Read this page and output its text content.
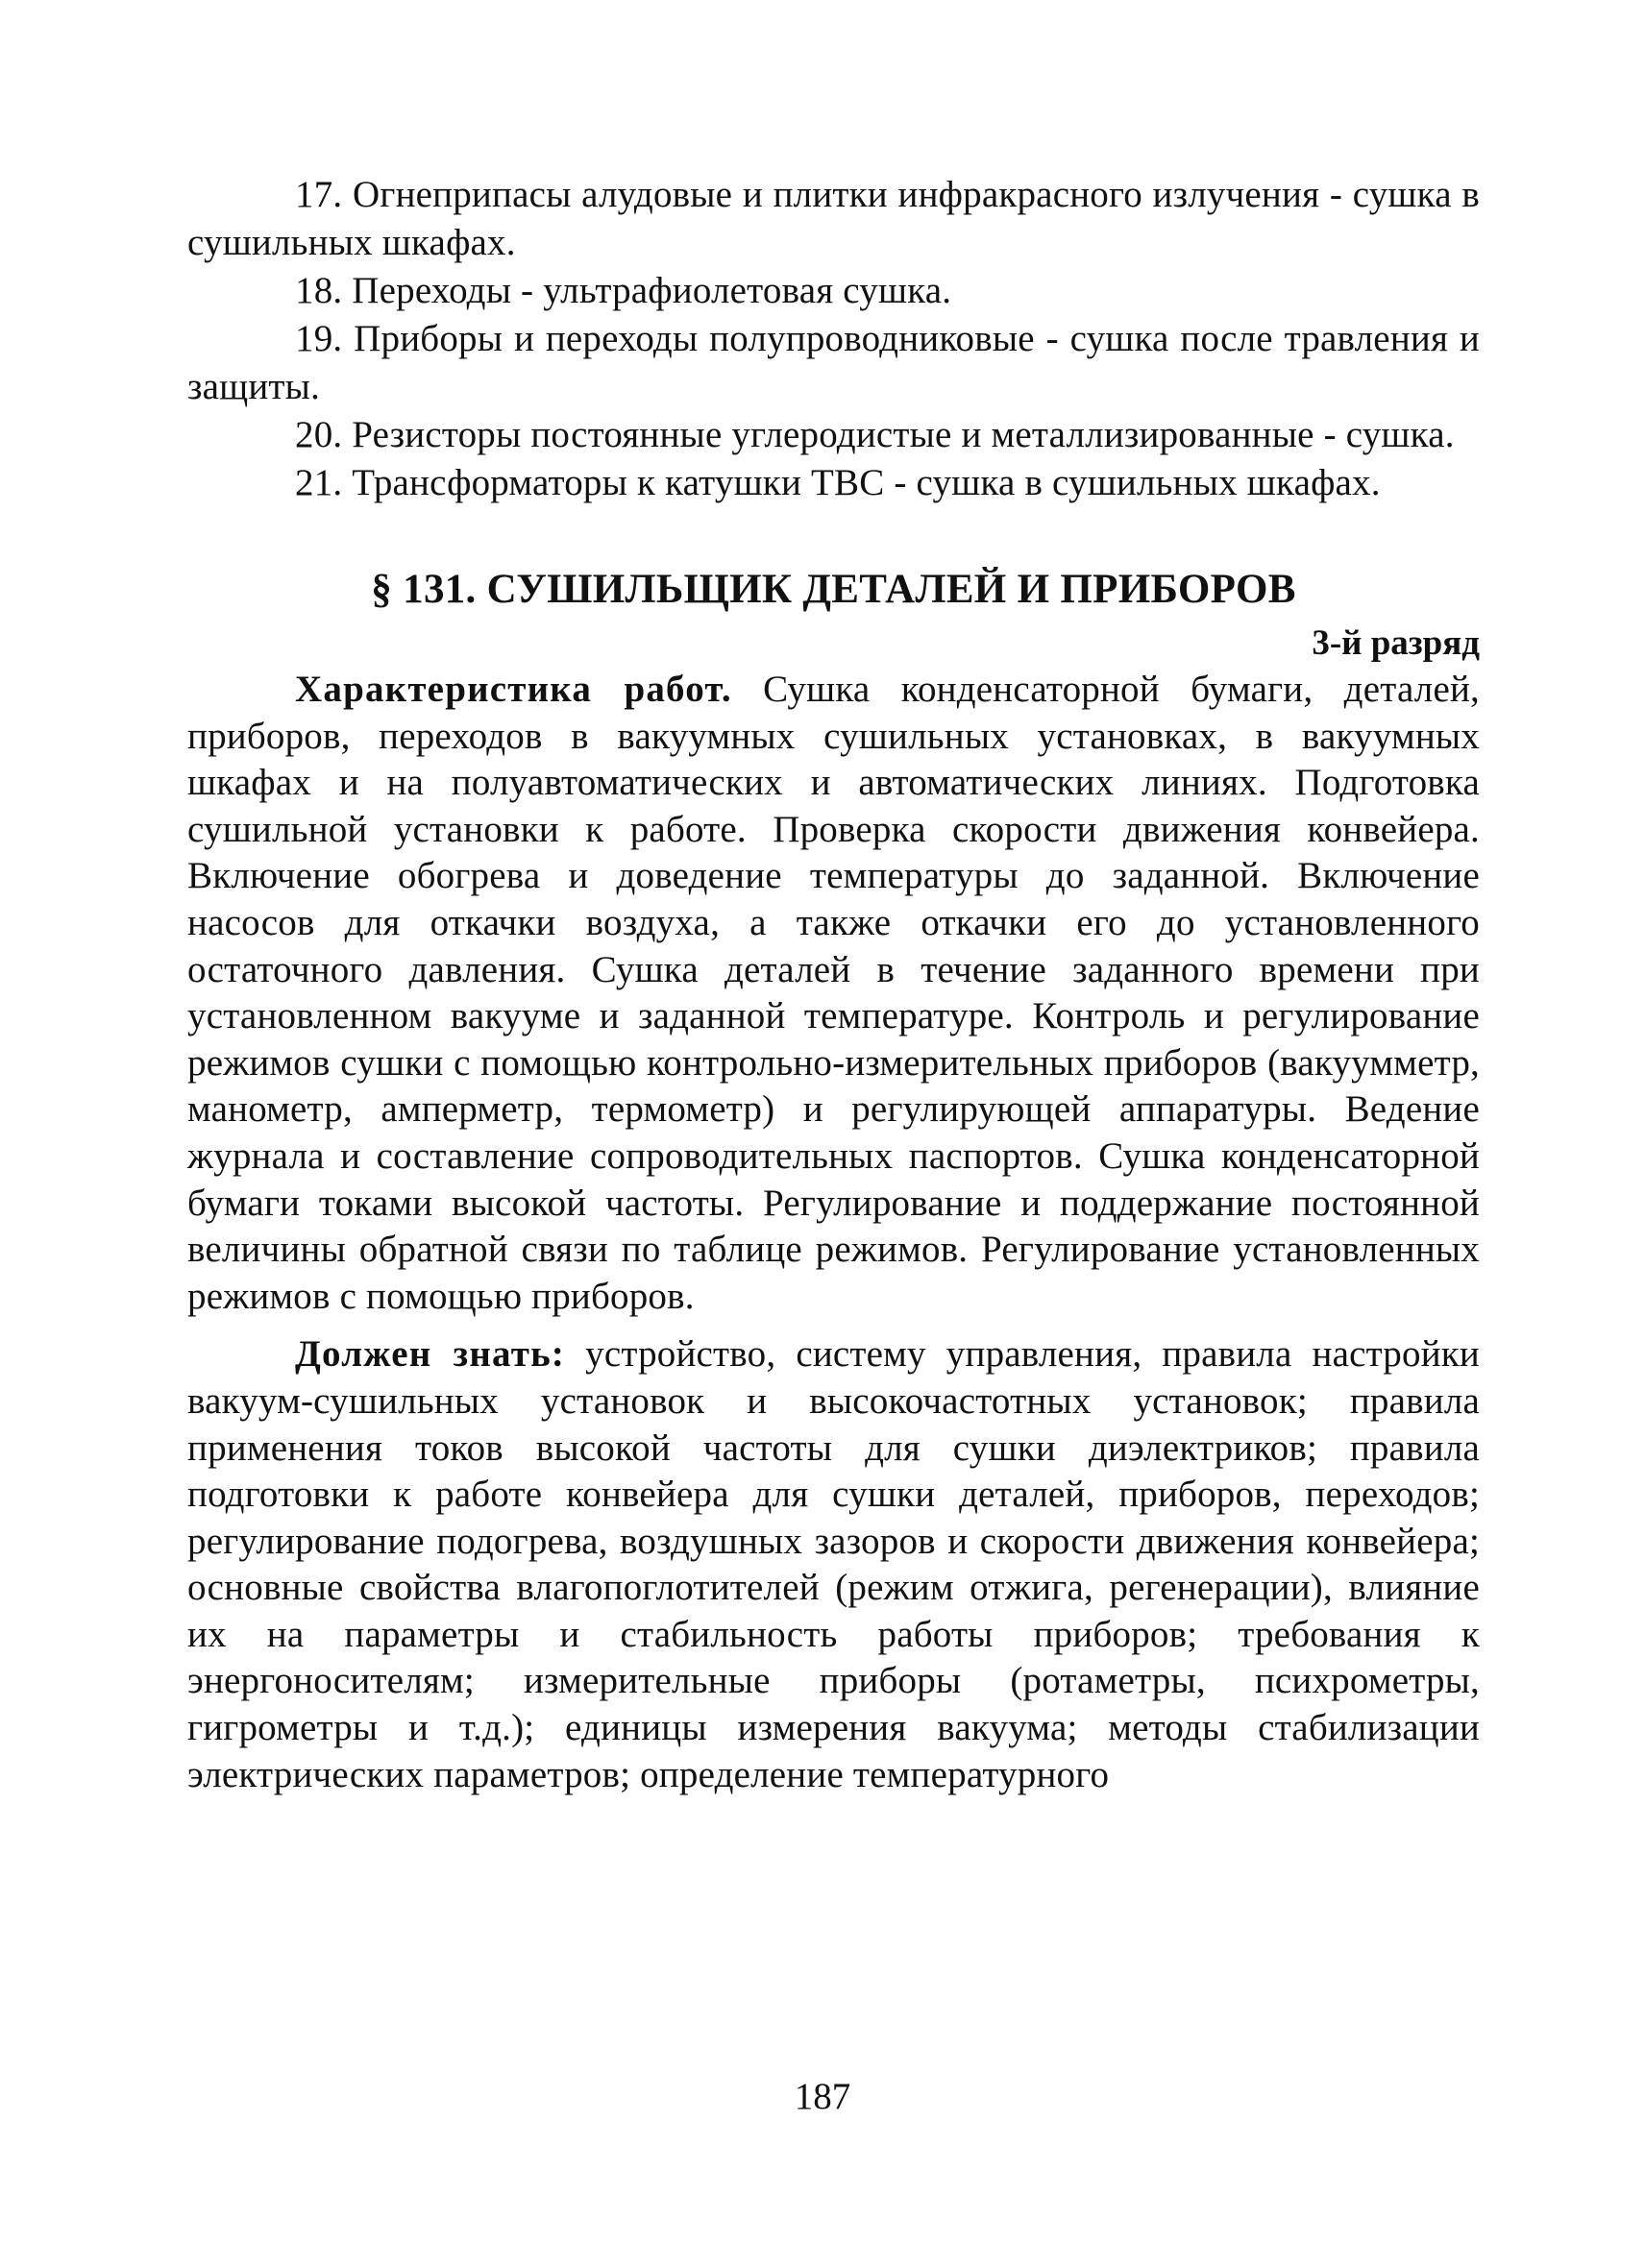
17. Огнеприпасы алудовые и плитки инфракрасного излучения - сушка в сушильных шкафах.

18. Переходы - ультрафиолетовая сушка.

19. Приборы и переходы полупроводниковые - сушка после травления и защиты.

20. Резисторы постоянные углеродистые и металлизированные - сушка.

21. Трансформаторы к катушки ТВС - сушка в сушильных шкафах.

§ 131. СУШИЛЬЩИК ДЕТАЛЕЙ И ПРИБОРОВ
3-й разряд

Характеристика работ. Сушка конденсаторной бумаги, деталей, приборов, переходов в вакуумных сушильных установках, в вакуумных шкафах и на полуавтоматических и автоматических линиях. Подготовка сушильной установки к работе. Проверка скорости движения конвейера. Включение обогрева и доведение температуры до заданной. Включение насосов для откачки воздуха, а также откачки его до установленного остаточного давления. Сушка деталей в течение заданного времени при установленном вакууме и заданной температуре. Контроль и регулирование режимов сушки с помощью контрольно-измерительных приборов (вакуумметр, манометр, амперметр, термометр) и регулирующей аппаратуры. Ведение журнала и составление сопроводительных паспортов. Сушка конденсаторной бумаги токами высокой частоты. Регулирование и поддержание постоянной величины обратной связи по таблице режимов. Регулирование установленных режимов с помощью приборов.

Должен знать: устройство, систему управления, правила настройки вакуум-сушильных установок и высокочастотных установок; правила применения токов высокой частоты для сушки диэлектриков; правила подготовки к работе конвейера для сушки деталей, приборов, переходов; регулирование подогрева, воздушных зазоров и скорости движения конвейера; основные свойства влагопоглотителей (режим отжига, регенерации), влияние их на параметры и стабильность работы приборов; требования к энергоносителям; измерительные приборы (ротаметры, психрометры, гигрометры и т.д.); единицы измерения вакуума; методы стабилизации электрических параметров; определение температурного

187
